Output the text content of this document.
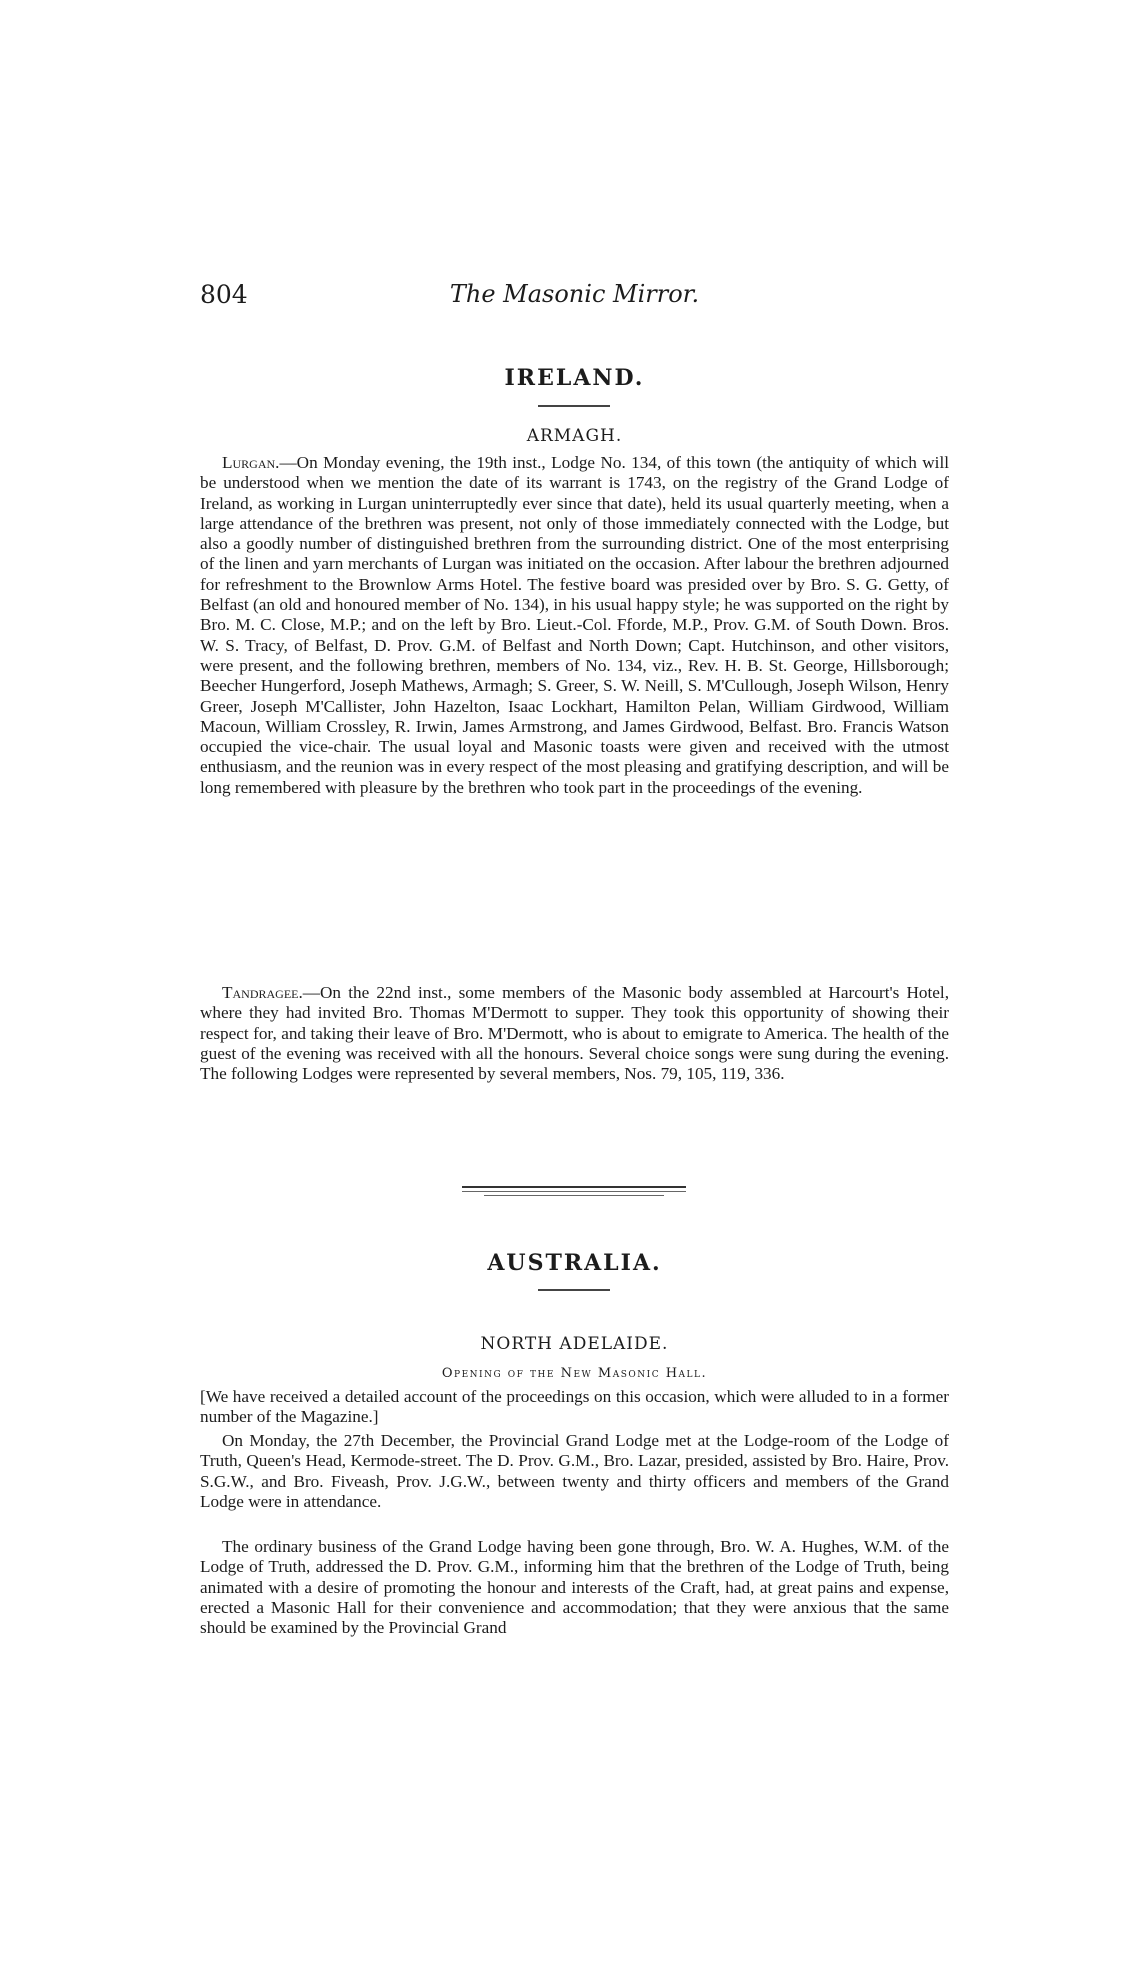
804	The Masonic Mirror.
IRELAND.
ARMAGH.

Lurgan.—On Monday evening, the 19th inst., Lodge No. 134, of this town (the antiquity of which will be understood when we mention the date of its warrant is 1743, on the registry of the Grand Lodge of Ireland, as working in Lurgan uninterruptedly ever since that date), held its usual quarterly meeting, when a large attendance of the brethren was present, not only of those immediately connected with the Lodge, but also a goodly number of distinguished brethren from the surrounding district. One of the most enterprising of the linen and yarn merchants of Lurgan was initiated on the occasion. After labour the brethren adjourned for refreshment to the Brownlow Arms Hotel. The festive board was presided over by Bro. S. G. Getty, of Belfast (an old and honoured member of No. 134), in his usual happy style; he was supported on the right by Bro. M. C. Close, M.P.; and on the left by Bro. Lieut.-Col. Fforde, M.P., Prov. G.M. of South Down. Bros. W. S. Tracy, of Belfast, D. Prov. G.M. of Belfast and North Down; Capt. Hutchinson, and other visitors, were present, and the following brethren, members of No. 134, viz., Rev. H. B. St. George, Hillsborough; Beecher Hungerford, Joseph Mathews, Armagh; S. Greer, S. W. Neill, S. M'Cullough, Joseph Wilson, Henry Greer, Joseph M'Callister, John Hazelton, Isaac Lockhart, Hamilton Pelan, William Girdwood, William Macoun, William Crossley, R. Irwin, James Armstrong, and James Girdwood, Belfast. Bro. Francis Watson occupied the vice-chair. The usual loyal and Masonic toasts were given and received with the utmost enthusiasm, and the reunion was in every respect of the most pleasing and gratifying description, and will be long remembered with pleasure by the brethren who took part in the proceedings of the evening.

Tandragee.—On the 22nd inst., some members of the Masonic body assembled at Harcourt's Hotel, where they had invited Bro. Thomas M'Dermott to supper. They took this opportunity of showing their respect for, and taking their leave of Bro. M'Dermott, who is about to emigrate to America. The health of the guest of the evening was received with all the honours. Several choice songs were sung during the evening. The following Lodges were represented by several members, Nos. 79, 105, 119, 336.

AUSTRALIA.
NORTH ADELAIDE.
Opening of the New Masonic Hall.

[We have received a detailed account of the proceedings on this occasion, which were alluded to in a former number of the Magazine.]

On Monday, the 27th December, the Provincial Grand Lodge met at the Lodge-room of the Lodge of Truth, Queen's Head, Kermode-street. The D. Prov. G.M., Bro. Lazar, presided, assisted by Bro. Haire, Prov. S.G.W., and Bro. Fiveash, Prov. J.G.W., between twenty and thirty officers and members of the Grand Lodge were in attendance.

The ordinary business of the Grand Lodge having been gone through, Bro. W. A. Hughes, W.M. of the Lodge of Truth, addressed the D. Prov. G.M., informing him that the brethren of the Lodge of Truth, being animated with a desire of promoting the honour and interests of the Craft, had, at great pains and expense, erected a Masonic Hall for their convenience and accommodation; that they were anxious that the same should be examined by the Provincial Grand
